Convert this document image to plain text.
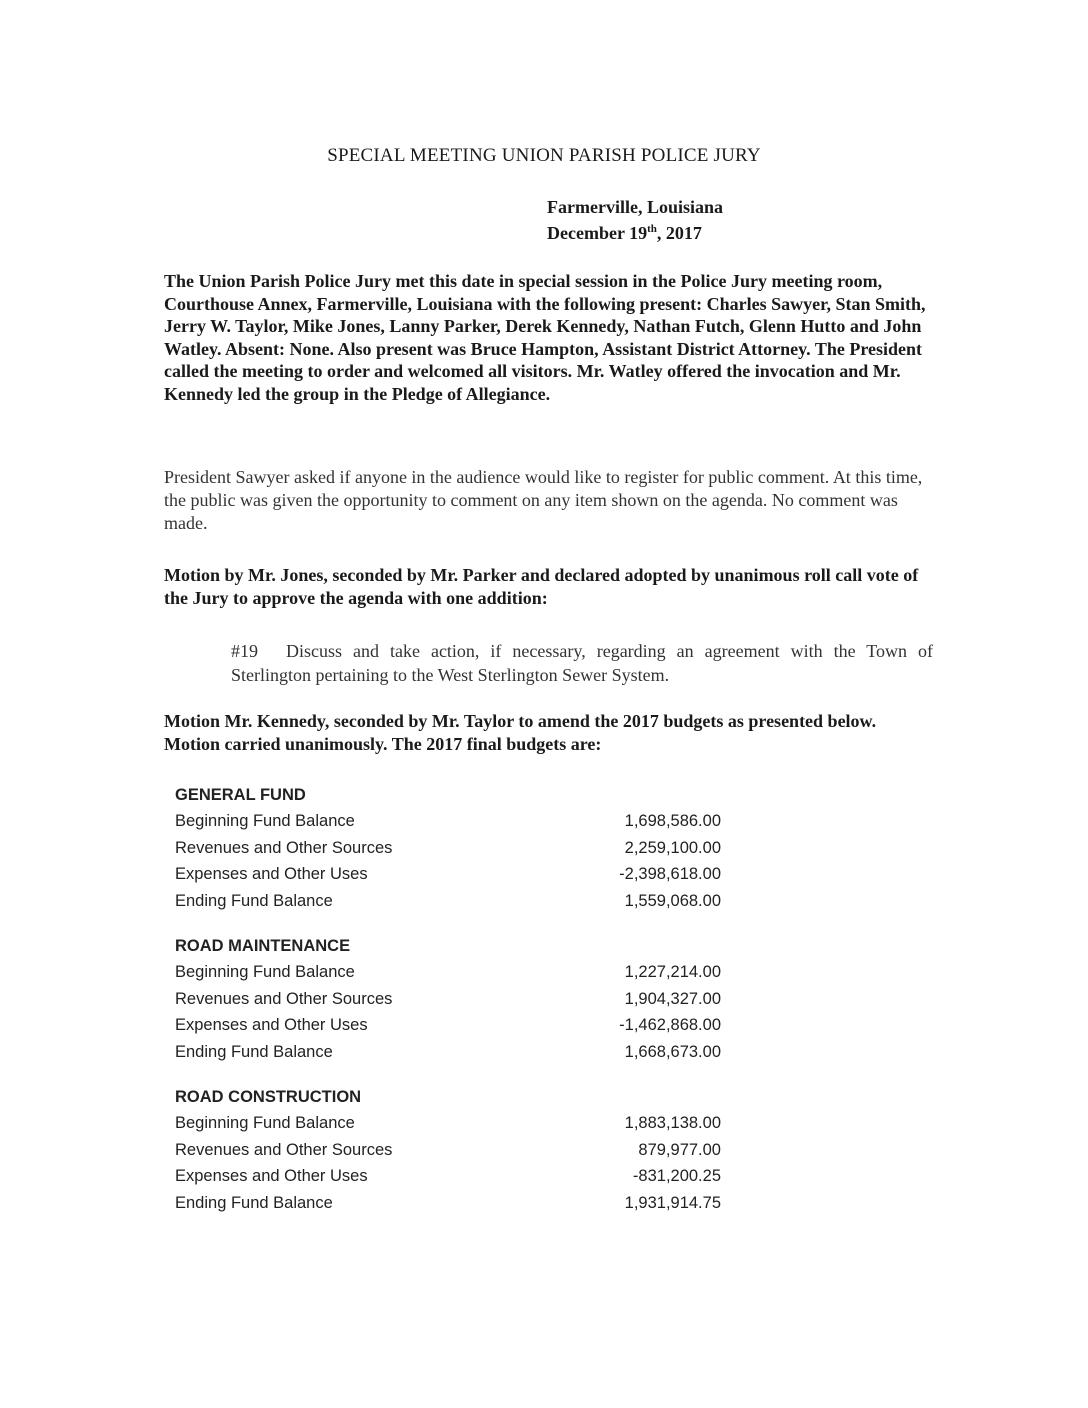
SPECIAL MEETING UNION PARISH POLICE JURY
Farmerville, Louisiana
December 19th, 2017
The Union Parish Police Jury met this date in special session in the Police Jury meeting room, Courthouse Annex, Farmerville, Louisiana with the following present: Charles Sawyer, Stan Smith, Jerry W. Taylor, Mike Jones, Lanny Parker, Derek Kennedy, Nathan Futch, Glenn Hutto and John Watley. Absent: None. Also present was Bruce Hampton, Assistant District Attorney. The President called the meeting to order and welcomed all visitors. Mr. Watley offered the invocation and Mr. Kennedy led the group in the Pledge of Allegiance.
President Sawyer asked if anyone in the audience would like to register for public comment. At this time, the public was given the opportunity to comment on any item shown on the agenda. No comment was made.
Motion by Mr. Jones, seconded by Mr. Parker and declared adopted by unanimous roll call vote of the Jury to approve the agenda with one addition:
#19 Discuss and take action, if necessary, regarding an agreement with the Town of Sterlington pertaining to the West Sterlington Sewer System.
Motion Mr. Kennedy, seconded by Mr. Taylor to amend the 2017 budgets as presented below. Motion carried unanimously. The 2017 final budgets are:
GENERAL FUND
Beginning Fund Balance	1,698,586.00
Revenues and Other Sources	2,259,100.00
Expenses and Other Uses	-2,398,618.00
Ending Fund Balance	1,559,068.00
ROAD MAINTENANCE
Beginning Fund Balance	1,227,214.00
Revenues and Other Sources	1,904,327.00
Expenses and Other Uses	-1,462,868.00
Ending Fund Balance	1,668,673.00
ROAD CONSTRUCTION
Beginning Fund Balance	1,883,138.00
Revenues and Other Sources	879,977.00
Expenses and Other Uses	-831,200.25
Ending Fund Balance	1,931,914.75
